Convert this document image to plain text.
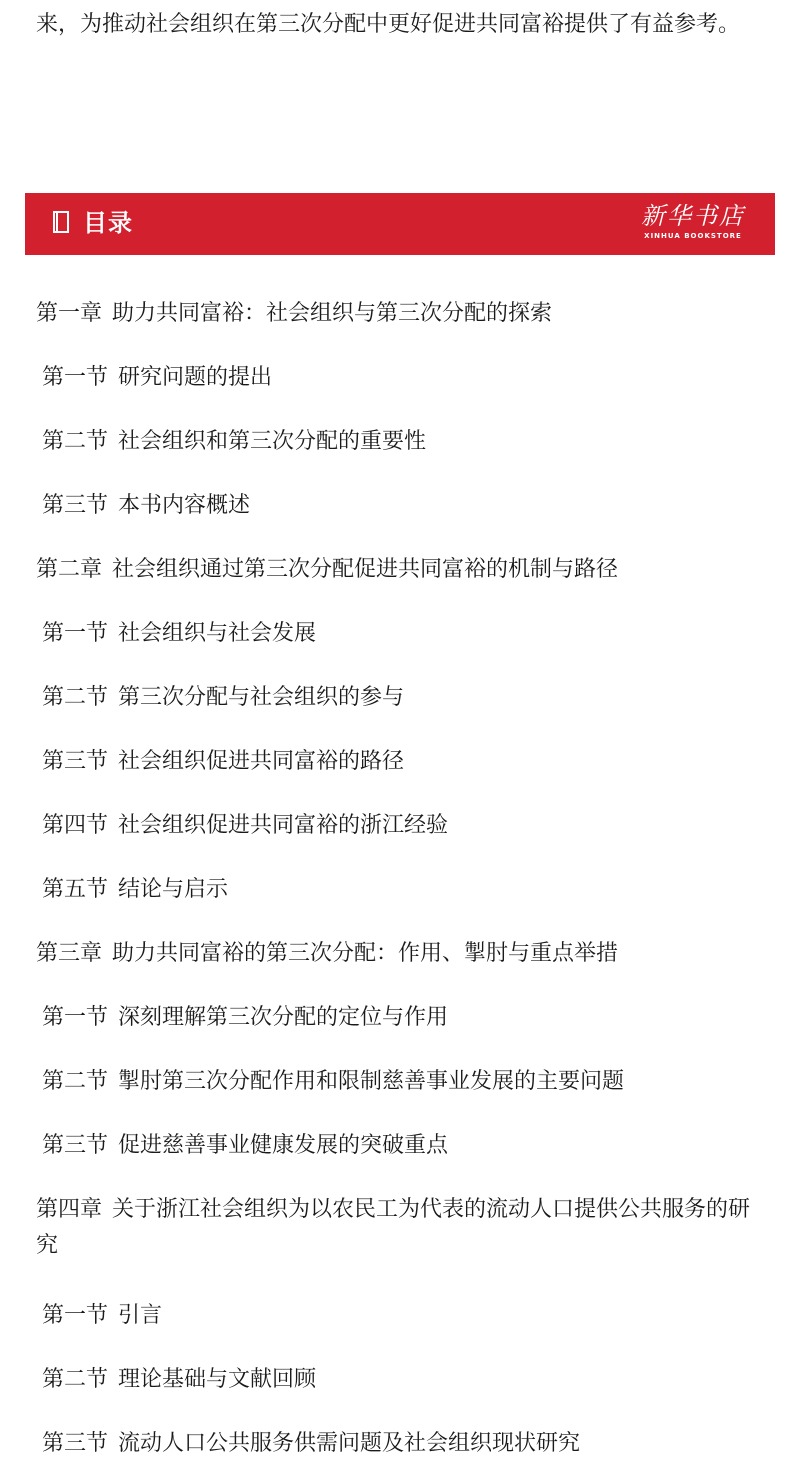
来，为推动社会组织在第三次分配中更好促进共同富裕提供了有益参考。

目录	新华书店
XINHUA BOOKSTORE
第一章 助力共同富裕：社会组织与第三次分配的探索
第一节 研究问题的提出
第二节 社会组织和第三次分配的重要性
第三节 本书内容概述
第二章 社会组织通过第三次分配促进共同富裕的机制与路径
第一节 社会组织与社会发展
第二节 第三次分配与社会组织的参与
第三节 社会组织促进共同富裕的路径
第四节 社会组织促进共同富裕的浙江经验
第五节 结论与启示
第三章 助力共同富裕的第三次分配：作用、掣肘与重点举措
第一节 深刻理解第三次分配的定位与作用
第二节 掣肘第三次分配作用和限制慈善事业发展的主要问题
第三节 促进慈善事业健康发展的突破重点
第四章 关于浙江社会组织为以农民工为代表的流动人口提供公共服务的研究
第一节 引言
第二节 理论基础与文献回顾
第三节 流动人口公共服务供需问题及社会组织现状研究
